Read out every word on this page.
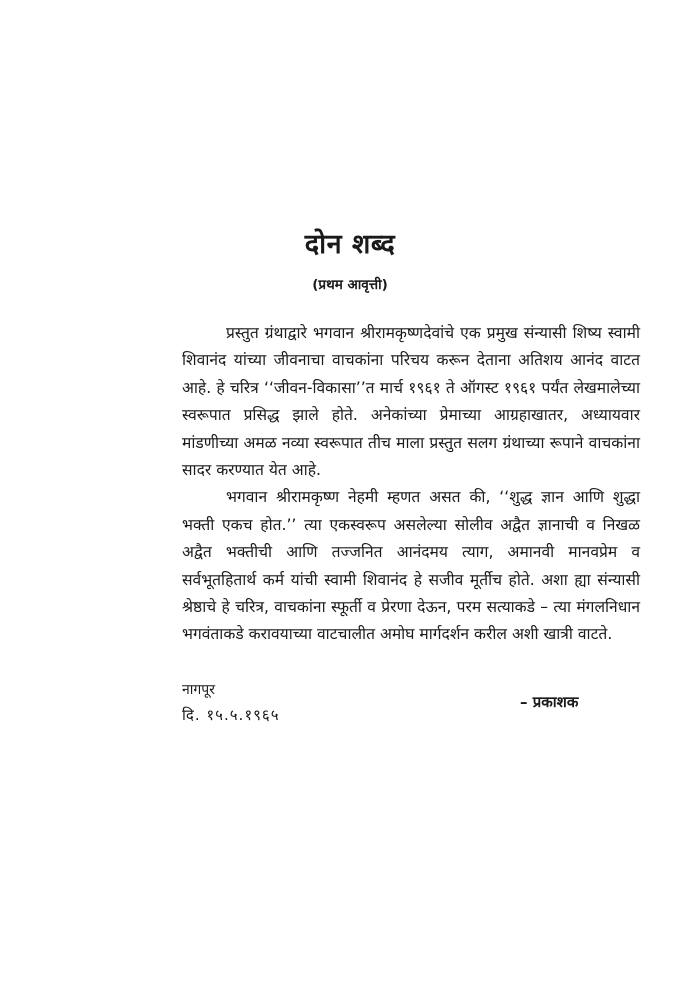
दोन शब्द
(प्रथम आवृत्ती)

प्रस्तुत ग्रंथाद्वारे भगवान श्रीरामकृष्णदेवांचे एक प्रमुख संन्यासी शिष्य स्वामी शिवानंद यांच्या जीवनाचा वाचकांना परिचय करून देताना अतिशय आनंद वाटत आहे. हे चरित्र ‘‘जीवन-विकासा’’त मार्च १९६१ ते ऑगस्ट १९६१ पर्यंत लेखमालेच्या स्वरूपात प्रसिद्ध झाले होते. अनेकांच्या प्रेमाच्या आग्रहाखातर, अध्यायवार मांडणीच्या अमळ नव्या स्वरूपात तीच माला प्रस्तुत सलग ग्रंथाच्या रूपाने वाचकांना सादर करण्यात येत आहे.

भगवान श्रीरामकृष्ण नेहमी म्हणत असत की, ‘‘शुद्ध ज्ञान आणि शुद्धा भक्ती एकच होत.’’ त्या एकस्वरूप असलेल्या सोलीव अद्वैत ज्ञानाची व निखळ अद्वैत भक्तीची आणि तज्जनित आनंदमय त्याग, अमानवी मानवप्रेम व सर्वभूतहितार्थ कर्म यांची स्वामी शिवानंद हे सजीव मूर्तीच होते. अशा ह्या संन्यासी श्रेष्ठाचे हे चरित्र, वाचकांना स्फूर्ती व प्रेरणा देऊन, परम सत्याकडे – त्या मंगलनिधान भगवंताकडे करावयाच्या वाटचालीत अमोघ मार्गदर्शन करील अशी खात्री वाटते.

नागपूर
दि. १५.५.१९६५
– प्रकाशक
